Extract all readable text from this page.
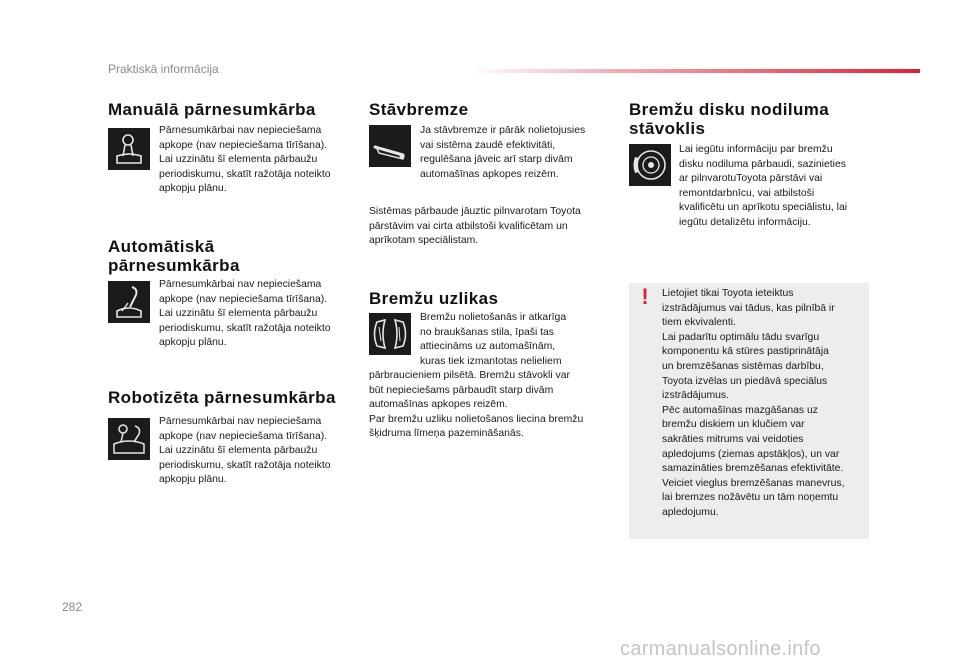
Praktiskā informācija
Manuālā pārnesumkārba

Pārnesumkārbai nav nepieciešama
apkope (nav nepieciešama tīrīšana).
Lai uzzinātu šī elementa pārbaužu
periodiskumu, skatīt ražotāja noteikto
apkopju plānu.

Automātiskā
pārnesumkārba

Pārnesumkārbai nav nepieciešama
apkope (nav nepieciešama tīrīšana).
Lai uzzinātu šī elementa pārbaužu
periodiskumu, skatīt ražotāja noteikto
apkopju plānu.

Robotizēta pārnesumkārba

Pārnesumkārbai nav nepieciešama
apkope (nav nepieciešama tīrīšana).
Lai uzzinātu šī elementa pārbaužu
periodiskumu, skatīt ražotāja noteikto
apkopju plānu.

Stāvbremze

Ja stāvbremze ir pārāk nolietojusies
vai sistēma zaudē efektivitāti,
regulēšana jāveic arī starp divām
automašīnas apkopes reizēm.

Sistēmas pārbaude jāuztic pilnvarotam Toyota
pārstāvim vai cirta atbilstoši kvalificētam un
aprīkotam speciālistam.

Bremžu uzlikas

Bremžu nolietošanās ir atkarīga
no braukšanas stila, īpaši tas
attiecināms uz automašīnām,
kuras tiek izmantotas nelieliem

pārbraucieniem pilsētā. Bremžu stāvokli var
būt nepieciešams pārbaudīt starp divām
automašīnas apkopes reizēm.
Par bremžu uzliku nolietošanos liecina bremžu
šķidruma līmeņa pazemināšanās.

Bremžu disku nodiluma
stāvoklis

Lai iegūtu informāciju par bremžu
disku nodiluma pārbaudi, sazinieties
ar pilnvarotuToyota pārstāvi vai
remontdarbnīcu, vai atbilstoši
kvalificētu un aprīkotu speciālistu, lai
iegūtu detalizētu informāciju.

!	Lietojiet tikai Toyota ieteiktus
izstrādājumus vai tādus, kas pilnībā ir
tiem ekvivalenti.
Lai padarītu optimālu tādu svarīgu
komponentu kā stūres pastiprinātāja
un bremzēšanas sistēmas darbību,
Toyota izvēlas un piedāvā speciālus
izstrādājumus.
Pēc automašīnas mazgāšanas uz
bremžu diskiem un klučiem var
sakrāties mitrums vai veidoties
apledojums (ziemas apstākļos), un var
samazināties bremzēšanas efektivitāte.
Veiciet vieglus bremzēšanas manevrus,
lai bremzes nožāvētu un tām noņemtu
apledojumu.

282
carmanualsonline.info
